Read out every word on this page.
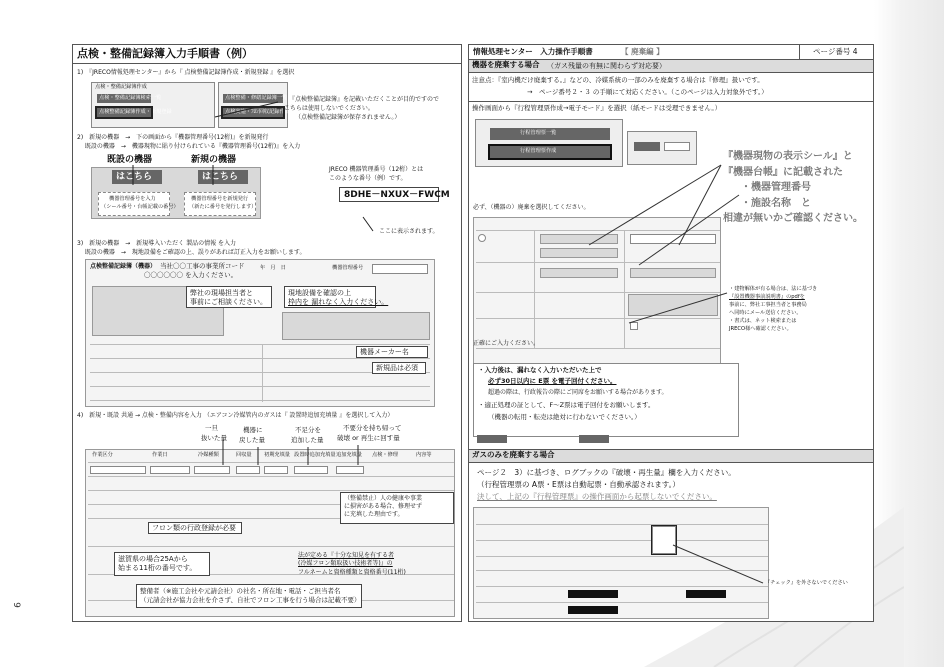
9
点検・整備記録簿入力手順書（例）
1)　『JRECO情報処理センター』から『 点検整備記録簿作成・新規登録 』を選択
点検・整備記録簿作成
点検・整備記録簿検索一覧
点検整備記録簿作成・新規登録
点検整備・修繕記録簿一覧
点検実施・ﾌﾛﾝ回収記録作成
『点検整備記録簿』を記載いただくことが目的ですので
← こちらは使用しないでください。
（点検整備記録簿が保存されません。）
2)　新規の機器　→　下の画面から『機器管理番号(12桁)』を新規発行
　 既設の機器　→　機器現物に貼り付けられている『機器管理番号(12桁)』を入力
既設の機器	新規の機器
はこちら	はこちら
機器管理番号を入力
（シール番号・台帳記載の番号）
機器管理番号を新規発行
（新たに番号を発行します）
JRECO 機器管理番号（12桁）とは
このような番号（例）です。
8DHE－NXUX－FWCM
ここに表示されます。
3)　新規の機器　→　新規導入いただく 製品の情報 を入力
　 既設の機器　→　現地設備をご確認の上、誤りがあれば訂正入力をお願いします。
点検整備記録簿（機器） 当社〇〇工事の事業所コード
〇〇〇〇〇〇 を入力ください。
年　月　日	機器管理番号
弊社の現場担当者と
事前にご相談ください。
現地設備を確認の上
枠内を 漏れなく入力ください。
機器メーカー名
新規品は必須
4)　新規・既設 共通 → 点検・整備内容を入力 （エアコン冷媒管内のガスは『 設置時追加充填量 』を選択して入力）
一旦
抜いた量
機器に
戻した量
不足分を
追加した量
不要分を持ち帰って
破壊 or 再生に回す量
作業区分	作業日	冷媒種類	回収量 初期充填量 設置時追加充填量 追加充填量 点検・修理	内容等
（整備禁止）人の健康や事業
に損害がある場合、修理せず
に充填した理由です。
フロン類の行政登録が必要
滋賀県の場合25Aから
始まる11桁の番号です。
法が定める『十分な知見を有する者
(冷媒フロン類取扱い技術者等)』の
フルネームと資格種類と資格番号(11桁)
整備者（※施工会社や元請会社）の社名・所在地・電話・ご担当者名
（元請会社が協力会社を介さず、自社でフロン工事を行う場合は記載不要）
情報処理センター　入力操作手順書	【 廃棄編 】	ページ番号 4
機器を廃棄する場合 （ガス残量の有無に関わらず対応要）
注意点：『室内機だけ廃棄する。』などの、冷媒系統の一部のみを廃棄する場合は『修理』扱いです。
→　ページ番号２・３ の手順にて対応ください。（このページは入力対象外です。）
操作画面から『行程管理票作成→電子モード』を選択（紙モードは受理できません。）
行程管理票一覧
行程管理票作成	『機器現物の表示シール』と
『機器台帳』に記載された
・機器管理番号
・施設名称　と
相違が無いかご確認ください。
必ず、（機器の）廃棄を選択してください。
正確にご入力ください。
・建物解体が有る場合は、法に基づき
『設置機器事前説明書』のpdfを
事前に、弊社工事担当者と事務局
へ同時にメール送信ください。
・書式は、ネット検索または
JRECO様へ確認ください。
・入力後は、漏れなく入力いただいた上で
必ず30日以内に E票 を電子回付ください。
超過の際は、行政報告の際にご同席をお願いする場合があります。
・適正処理の証として、F～Z票は電子回付をお願いします。
（機器の転用・転売は絶対に行わないでください。）
ガスのみを廃棄する場合
ページ２　3）に基づき、ログブックの『破壊・再生量』欄を入力ください。
（行程管理票の A票・E票は自動起票・自動承認されます。）
決して、上記の『行程管理票』の操作画面から起票しないでください。
『チェック』を外さないでください
